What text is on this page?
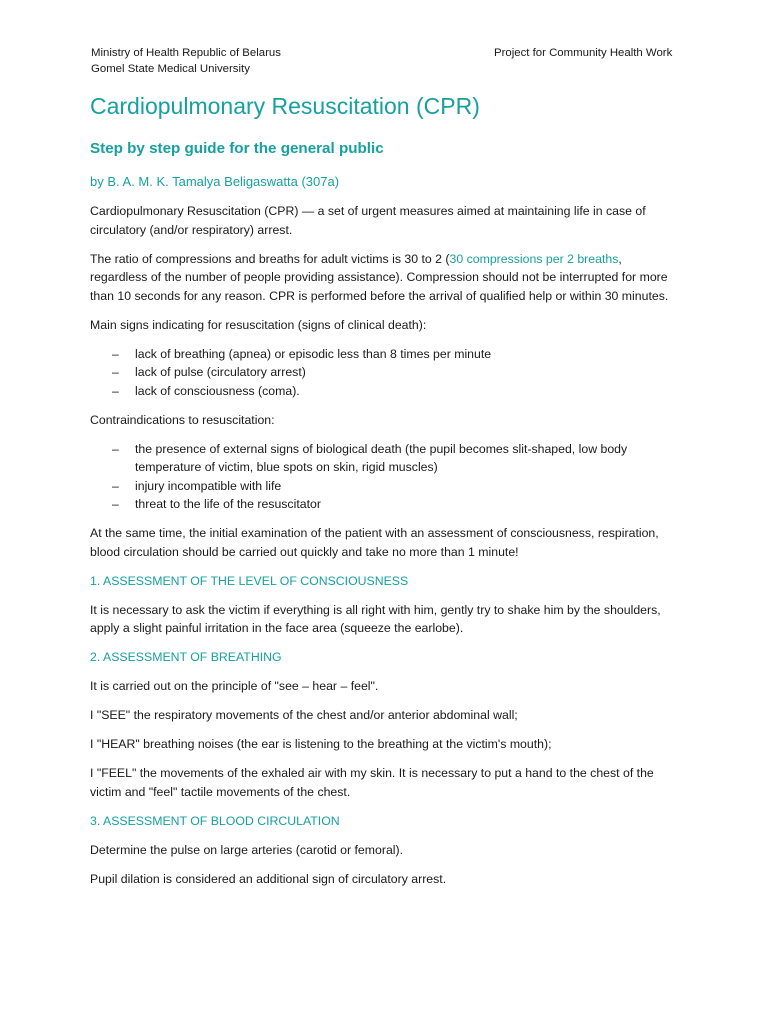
Ministry of Health Republic of Belarus
Gomel State Medical University
Project for Community Health Work
Cardiopulmonary Resuscitation (CPR)
Step by step guide for the general public
by B. A. M. K. Tamalya Beligaswatta (307a)

Cardiopulmonary Resuscitation (CPR) — a set of urgent measures aimed at maintaining life in case of circulatory (and/or respiratory) arrest.

The ratio of compressions and breaths for adult victims is 30 to 2 (30 compressions per 2 breaths, regardless of the number of people providing assistance). Compression should not be interrupted for more than 10 seconds for any reason. CPR is performed before the arrival of qualified help or within 30 minutes.

Main signs indicating for resuscitation (signs of clinical death):

– lack of breathing (apnea) or episodic less than 8 times per minute
– lack of pulse (circulatory arrest)
– lack of consciousness (coma).

Contraindications to resuscitation:

– the presence of external signs of biological death (the pupil becomes slit-shaped, low body temperature of victim, blue spots on skin, rigid muscles)
– injury incompatible with life
– threat to the life of the resuscitator

At the same time, the initial examination of the patient with an assessment of consciousness, respiration, blood circulation should be carried out quickly and take no more than 1 minute!

1. ASSESSMENT OF THE LEVEL OF CONSCIOUSNESS

It is necessary to ask the victim if everything is all right with him, gently try to shake him by the shoulders, apply a slight painful irritation in the face area (squeeze the earlobe).

2. ASSESSMENT OF BREATHING

It is carried out on the principle of "see – hear – feel".

I "SEE" the respiratory movements of the chest and/or anterior abdominal wall;

I "HEAR" breathing noises (the ear is listening to the breathing at the victim's mouth);

I "FEEL" the movements of the exhaled air with my skin. It is necessary to put a hand to the chest of the victim and "feel" tactile movements of the chest.

3. ASSESSMENT OF BLOOD CIRCULATION

Determine the pulse on large arteries (carotid or femoral).

Pupil dilation is considered an additional sign of circulatory arrest.
